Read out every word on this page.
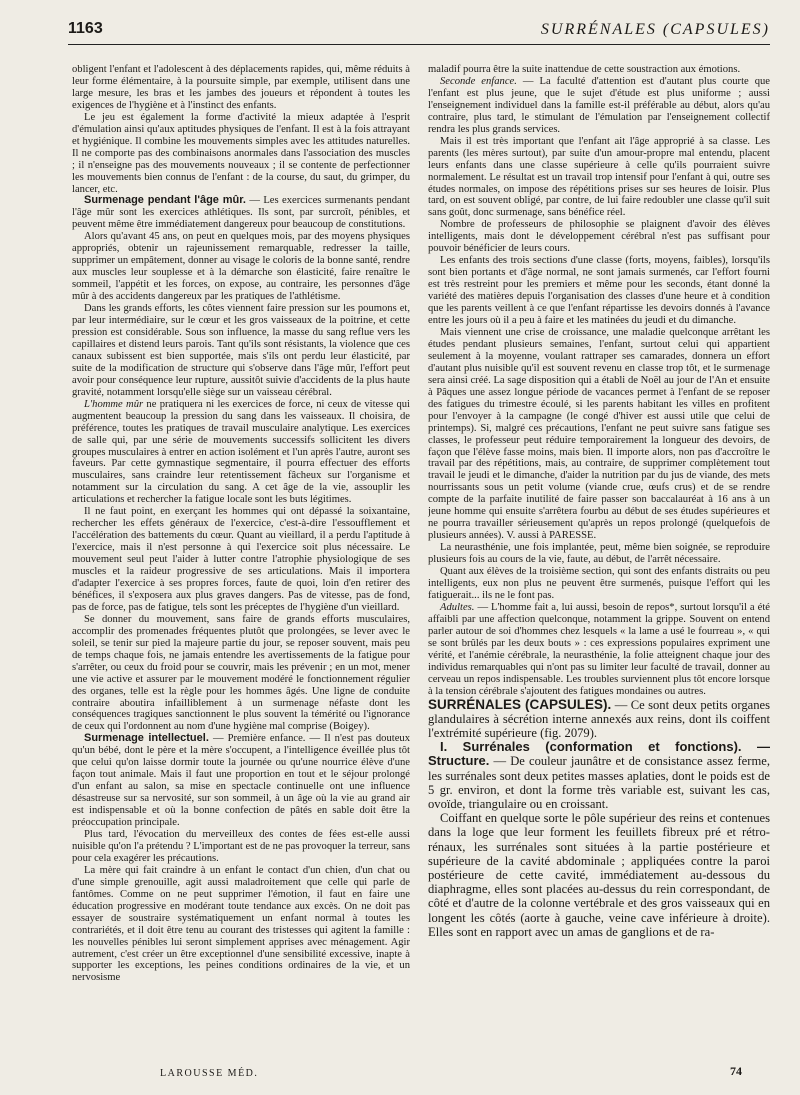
1163	SURRÉNALES (CAPSULES)

obligent l'enfant et l'adolescent à des déplacements rapides, qui, même réduits à leur forme élémentaire, à la poursuite simple, par exemple, utilisent dans une large mesure, les bras et les jambes des joueurs et répondent à toutes les exigences de l'hygiène et à l'instinct des enfants.

Le jeu est également la forme d'activité la mieux adaptée à l'esprit d'émulation ainsi qu'aux aptitudes physiques de l'enfant. Il est à la fois attrayant et hygiénique. Il combine les mouvements simples avec les attitudes naturelles. Il ne comporte pas des combinaisons anormales dans l'association des muscles ; il n'enseigne pas des mouvements nouveaux ; il se contente de perfectionner les mouvements bien connus de l'enfant : de la course, du saut, du grimper, du lancer, etc.

Surmenage pendant l'âge mûr. — Les exercices surmenants pendant l'âge mûr sont les exercices athlétiques. Ils sont, par surcroît, pénibles, et peuvent même être immédiatement dangereux pour beaucoup de constitutions.

Alors qu'avant 45 ans, on peut en quelques mois, par des moyens physiques appropriés, obtenir un rajeunissement remarquable, redresser la taille, supprimer un empâtement, donner au visage le coloris de la bonne santé, rendre aux muscles leur souplesse et à la démarche son élasticité, faire renaître le sommeil, l'appétit et les forces, on expose, au contraire, les personnes d'âge mûr à des accidents dangereux par les pratiques de l'athlétisme.

Dans les grands efforts, les côtes viennent faire pression sur les poumons et, par leur intermédiaire, sur le cœur et les gros vaisseaux de la poitrine, et cette pression est considérable. Sous son influence, la masse du sang reflue vers les capillaires et distend leurs parois. Tant qu'ils sont résistants, la violence que ces canaux subissent est bien supportée, mais s'ils ont perdu leur élasticité, par suite de la modification de structure qui s'observe dans l'âge mûr, l'effort peut avoir pour conséquence leur rupture, aussitôt suivie d'accidents de la plus haute gravité, notamment lorsqu'elle siège sur un vaisseau cérébral.

L'homme mûr ne pratiquera ni les exercices de force, ni ceux de vitesse qui augmentent beaucoup la pression du sang dans les vaisseaux. Il choisira, de préférence, toutes les pratiques de travail musculaire analytique. Les exercices de salle qui, par une série de mouvements successifs sollicitent les divers groupes musculaires à entrer en action isolément et l'un après l'autre, auront ses faveurs. Par cette gymnastique segmentaire, il pourra effectuer des efforts musculaires, sans craindre leur retentissement fâcheux sur l'organisme et notamment sur la circulation du sang. A cet âge de la vie, assouplir les articulations et rechercher la fatigue locale sont les buts légitimes.

Il ne faut point, en exerçant les hommes qui ont dépassé la soixantaine, rechercher les effets généraux de l'exercice, c'est-à-dire l'essoufflement et l'accélération des battements du cœur. Quant au vieillard, il a perdu l'aptitude à l'exercice, mais il n'est personne à qui l'exercice soit plus nécessaire. Le mouvement seul peut l'aider à lutter contre l'atrophie physiologique de ses muscles et la raideur progressive de ses articulations. Mais il importera d'adapter l'exercice à ses propres forces, faute de quoi, loin d'en retirer des bénéfices, il s'exposera aux plus graves dangers. Pas de vitesse, pas de fond, pas de force, pas de fatigue, tels sont les préceptes de l'hygiène d'un vieillard.

Se donner du mouvement, sans faire de grands efforts musculaires, accomplir des promenades fréquentes plutôt que prolongées, se lever avec le soleil, se tenir sur pied la majeure partie du jour, se reposer souvent, mais peu de temps chaque fois, ne jamais entendre les avertissements de la fatigue pour s'arrêter, ou ceux du froid pour se couvrir, mais les prévenir ; en un mot, mener une vie active et assurer par le mouvement modéré le fonctionnement régulier des organes, telle est la règle pour les hommes âgés. Une ligne de conduite contraire aboutira infailliblement à un surmenage néfaste dont les conséquences tragiques sanctionnent le plus souvent la témérité ou l'ignorance de ceux qui l'ordonnent au nom d'une hygiène mal comprise (Boigey).

Surmenage intellectuel. — Première enfance. — Il n'est pas douteux qu'un bébé, dont le père et la mère s'occupent, a l'intelligence éveillée plus tôt que celui qu'on laisse dormir toute la journée ou qu'une nourrice élève d'une façon tout animale. Mais il faut une proportion en tout et le séjour prolongé d'un enfant au salon, sa mise en spectacle continuelle ont une influence désastreuse sur sa nervosité, sur son sommeil, à un âge où la vie au grand air est indispensable et où la bonne confection de pâtés en sable doit être la préoccupation principale.

Plus tard, l'évocation du merveilleux des contes de fées est-elle aussi nuisible qu'on l'a prétendu ? L'important est de ne pas provoquer la terreur, sans pour cela exagérer les précautions.

La mère qui fait craindre à un enfant le contact d'un chien, d'un chat ou d'une simple grenouille, agit aussi maladroitement que celle qui parle de fantômes. Comme on ne peut supprimer l'émotion, il faut en faire une éducation progressive en modérant toute tendance aux excès. On ne doit pas essayer de soustraire systématiquement un enfant normal à toutes les contrariétés, et il doit être tenu au courant des tristesses qui agitent la famille : les nouvelles pénibles lui seront simplement apprises avec ménagement. Agir autrement, c'est créer un être exceptionnel d'une sensibilité excessive, inapte à supporter les exceptions, les peines conditions ordinaires de la vie, et un nervosisme

maladif pourra être la suite inattendue de cette soustraction aux émotions.

Seconde enfance. — La faculté d'attention est d'autant plus courte que l'enfant est plus jeune, que le sujet d'étude est plus uniforme ; aussi l'enseignement individuel dans la famille est-il préférable au début, alors qu'au contraire, plus tard, le stimulant de l'émulation par l'enseignement collectif rendra les plus grands services.

Mais il est très important que l'enfant ait l'âge approprié à sa classe. Les parents (les mères surtout), par suite d'un amour-propre mal entendu, placent leurs enfants dans une classe supérieure à celle qu'ils pourraient suivre normalement. Le résultat est un travail trop intensif pour l'enfant à qui, outre ses études normales, on impose des répétitions prises sur ses heures de loisir. Plus tard, on est souvent obligé, par contre, de lui faire redoubler une classe qu'il suit sans goût, donc surmenage, sans bénéfice réel.

Nombre de professeurs de philosophie se plaignent d'avoir des élèves intelligents, mais dont le développement cérébral n'est pas suffisant pour pouvoir bénéficier de leurs cours.

Les enfants des trois sections d'une classe (forts, moyens, faibles), lorsqu'ils sont bien portants et d'âge normal, ne sont jamais surmenés, car l'effort fourni est très restreint pour les premiers et même pour les seconds, étant donné la variété des matières depuis l'organisation des classes d'une heure et à condition que les parents veillent à ce que l'enfant répartisse les devoirs donnés à l'avance entre les jours où il a peu à faire et les matinées du jeudi et du dimanche.

Mais viennent une crise de croissance, une maladie quelconque arrêtant les études pendant plusieurs semaines, l'enfant, surtout celui qui appartient seulement à la moyenne, voulant rattraper ses camarades, donnera un effort d'autant plus nuisible qu'il est souvent revenu en classe trop tôt, et le surmenage sera ainsi créé. La sage disposition qui a établi de Noël au jour de l'An et ensuite à Pâques une assez longue période de vacances permet à l'enfant de se reposer des fatigues du trimestre écoulé, si les parents habitant les villes en profitent pour l'envoyer à la campagne (le congé d'hiver est aussi utile que celui de printemps). Si, malgré ces précautions, l'enfant ne peut suivre sans fatigue ses classes, le professeur peut réduire temporairement la longueur des devoirs, de façon que l'élève fasse moins, mais bien. Il importe alors, non pas d'accroître le travail par des répétitions, mais, au contraire, de supprimer complètement tout travail le jeudi et le dimanche, d'aider la nutrition par du jus de viande, des mets nourrissants sous un petit volume (viande crue, œufs crus) et de se rendre compte de la parfaite inutilité de faire passer son baccalauréat à 16 ans à un jeune homme qui ensuite s'arrêtera fourbu au début de ses études supérieures et ne pourra travailler sérieusement qu'après un repos prolongé (quelquefois de plusieurs années). V. aussi à PARESSE.

La neurasthénie, une fois implantée, peut, même bien soignée, se reproduire plusieurs fois au cours de la vie, faute, au début, de l'arrêt nécessaire.

Quant aux élèves de la troisième section, qui sont des enfants distraits ou peu intelligents, eux non plus ne peuvent être surmenés, puisque l'effort qui les fatiguerait... ils ne le font pas.

Adultes. — L'homme fait a, lui aussi, besoin de repos*, surtout lorsqu'il a été affaibli par une affection quelconque, notamment la grippe. Souvent on entend parler autour de soi d'hommes chez lesquels « la lame a usé le fourreau », « qui se sont brûlés par les deux bouts » : ces expressions populaires expriment une vérité, et l'anémie cérébrale, la neurasthénie, la folie atteignent chaque jour des individus remarquables qui n'ont pas su limiter leur faculté de travail, donner au cerveau un repos indispensable. Les troubles surviennent plus tôt encore lorsque à la tension cérébrale s'ajoutent des fatigues mondaines ou autres.

SURRÉNALES (CAPSULES). — Ce sont deux petits organes glandulaires à sécrétion interne annexés aux reins, dont ils coiffent l'extrémité supérieure (fig. 2079).

I. Surrénales (conformation et fonctions). — Structure. — De couleur jaunâtre et de consistance assez ferme, les surrénales sont deux petites masses aplaties, dont le poids est de 5 gr. environ, et dont la forme très variable est, suivant les cas, ovoïde, triangulaire ou en croissant.

Coiffant en quelque sorte le pôle supérieur des reins et contenues dans la loge que leur forment les feuillets fibreux pré et rétro-rénaux, les surrénales sont situées à la partie postérieure et supérieure de la cavité abdominale ; appliquées contre la paroi postérieure de cette cavité, immédiatement au-dessous du diaphragme, elles sont placées au-dessus du rein correspondant, de côté et d'autre de la colonne vertébrale et des gros vaisseaux qui en longent les côtés (aorte à gauche, veine cave inférieure à droite). Elles sont en rapport avec un amas de ganglions et de ra-

LAROUSSE MÉD.	74
